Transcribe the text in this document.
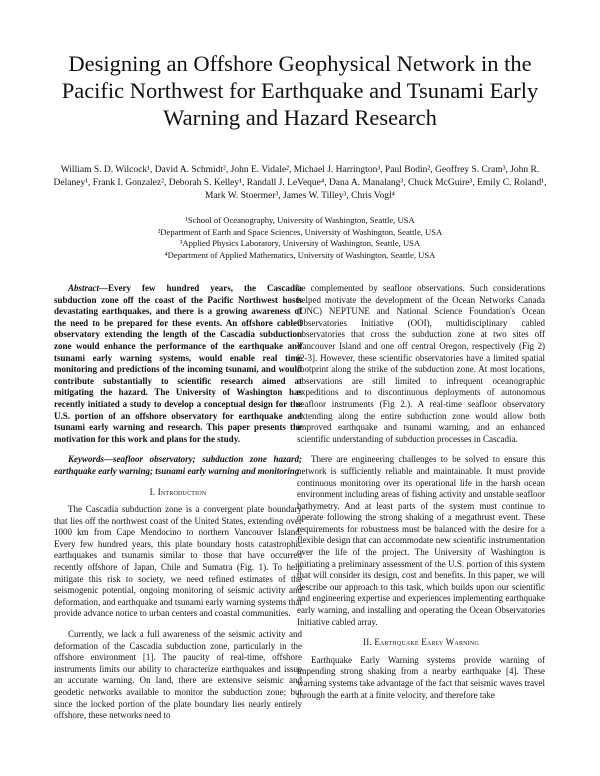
Designing an Offshore Geophysical Network in the
Pacific Northwest for Earthquake and Tsunami Early
Warning and Hazard Research

William S. D. Wilcock¹, David A. Schmidt², John E. Vidale², Michael J. Harrington³, Paul Bodin², Geoffrey S. Cram³, John R. Delaney¹, Frank I. Gonzalez², Deborah S. Kelley¹, Randall J. LeVeque⁴, Dana A. Manalang³, Chuck McGuire³, Emily C. Roland¹, Mark W. Stoermer³, James W. Tilley³, Chris Vogl⁴

¹School of Oceanography, University of Washington, Seattle, USA
²Department of Earth and Space Sciences, University of Washington, Seattle, USA
³Applied Physics Laboratory, University of Washington, Seattle, USA
⁴Department of Applied Mathematics, University of Washington, Seattle, USA

Abstract—Every few hundred years, the Cascadia subduction zone off the coast of the Pacific Northwest hosts devastating earthquakes, and there is a growing awareness of the need to be prepared for these events. An offshore cabled observatory extending the length of the Cascadia subduction zone would enhance the performance of the earthquake and tsunami early warning systems, would enable real time monitoring and predictions of the incoming tsunami, and would contribute substantially to scientific research aimed at mitigating the hazard. The University of Washington has recently initiated a study to develop a conceptual design for the U.S. portion of an offshore observatory for earthquake and tsunami early warning and research. This paper presents the motivation for this work and plans for the study.

Keywords—seafloor observatory; subduction zone hazard; earthquake early warning; tsunami early warning and monitoring

I. Introduction

The Cascadia subduction zone is a convergent plate boundary that lies off the northwest coast of the United States, extending over 1000 km from Cape Mendocino to northern Vancouver Island. Every few hundred years, this plate boundary hosts catastrophic earthquakes and tsunamis similar to those that have occurred recently offshore of Japan, Chile and Sumatra (Fig. 1). To help mitigate this risk to society, we need refined estimates of the seismogenic potential, ongoing monitoring of seismic activity and deformation, and earthquake and tsunami early warning systems that provide advance notice to urban centers and coastal communities.

Currently, we lack a full awareness of the seismic activity and deformation of the Cascadia subduction zone, particularly in the offshore environment [1]. The paucity of real-time, offshore instruments limits our ability to characterize earthquakes and issue an accurate warning. On land, there are extensive seismic and geodetic networks available to monitor the subduction zone; but since the locked portion of the plate boundary lies nearly entirely offshore, these networks need to

be complemented by seafloor observations. Such considerations helped motivate the development of the Ocean Networks Canada (ONC) NEPTUNE and National Science Foundation's Ocean Observatories Initiative (OOI), multidisciplinary cabled observatories that cross the subduction zone at two sites off Vancouver Island and one off central Oregon, respectively (Fig 2) [2-3]. However, these scientific observatories have a limited spatial footprint along the strike of the subduction zone. At most locations, observations are still limited to infrequent oceanographic expeditions and to discontinuous deployments of autonomous seafloor instruments (Fig 2.). A real-time seafloor observatory extending along the entire subduction zone would allow both improved earthquake and tsunami warning, and an enhanced scientific understanding of subduction processes in Cascadia.

There are engineering challenges to be solved to ensure this network is sufficiently reliable and maintainable. It must provide continuous monitoring over its operational life in the harsh ocean environment including areas of fishing activity and unstable seafloor bathymetry. And at least parts of the system must continue to operate following the strong shaking of a megathrust event. These requirements for robustness must be balanced with the desire for a flexible design that can accommodate new scientific instrumentation over the life of the project. The University of Washington is initiating a preliminary assessment of the U.S. portion of this system that will consider its design, cost and benefits. In this paper, we will describe our approach to this task, which builds upon our scientific and engineering expertise and experiences implementing earthquake early warning, and installing and operating the Ocean Observatories Initiative cabled array.

II. Earthquake Early Warning

Earthquake Early Warning systems provide warning of impending strong shaking from a nearby earthquake [4]. These warning systems take advantage of the fact that seismic waves travel through the earth at a finite velocity, and therefore take
